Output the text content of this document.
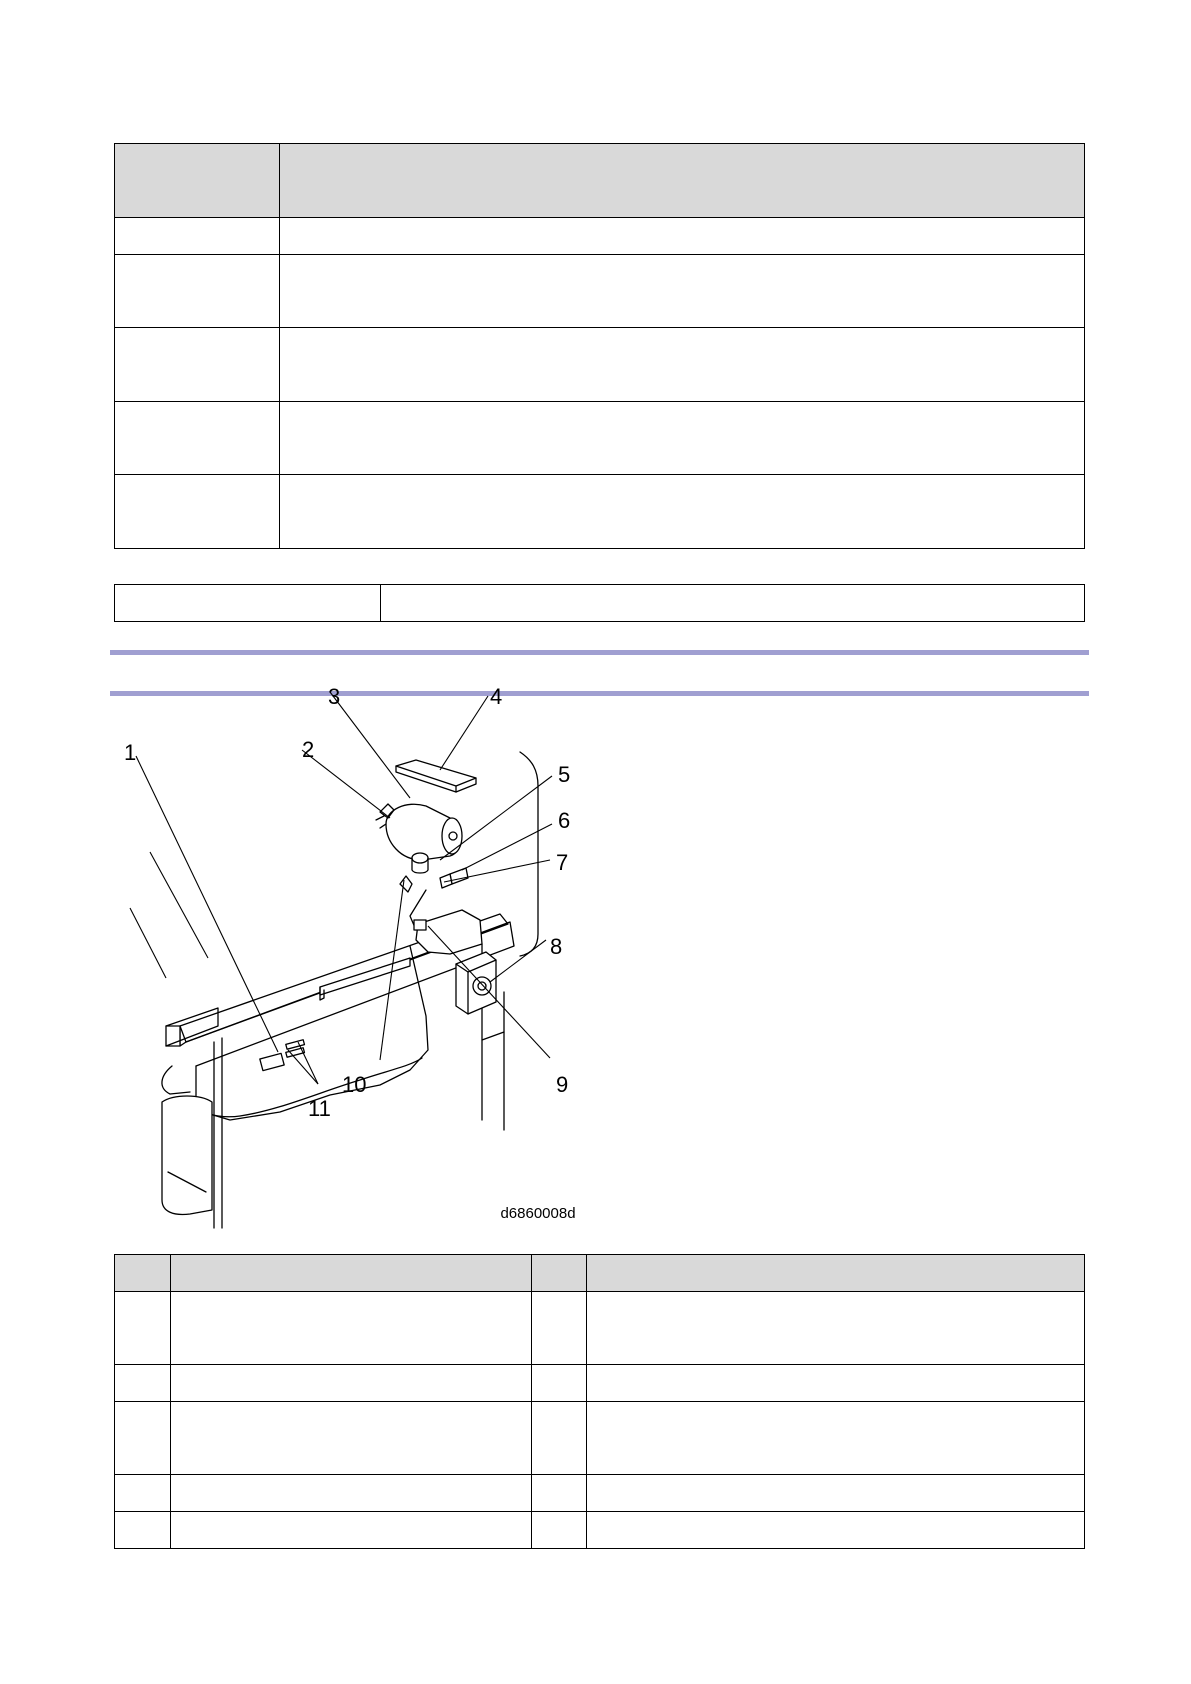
1	2
3	4
5
6
7
8
9
10
11
d6860008d
